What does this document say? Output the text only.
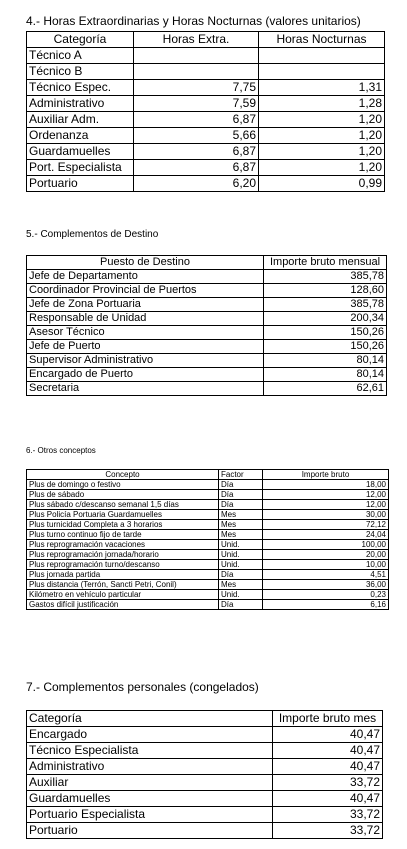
4.- Horas Extraordinarias y Horas Nocturnas (valores unitarios)
Categoría	Horas Extra.	Horas Nocturnas
Técnico A		
Técnico B		
Técnico Espec.	7,75	1,31
Administrativo	7,59	1,28
Auxiliar Adm.	6,87	1,20
Ordenanza	5,66	1,20
Guardamuelles	6,87	1,20
Port. Especialista	6,87	1,20
Portuario	6,20	0,99
5.- Complementos de Destino
Puesto de Destino	Importe bruto mensual
Jefe de Departamento	385,78
Coordinador Provincial de Puertos	128,60
Jefe de Zona Portuaria	385,78
Responsable de Unidad	200,34
Asesor Técnico	150,26
Jefe de Puerto	150,26
Supervisor Administrativo	80,14
Encargado de Puerto	80,14
Secretaria	62,61
6.- Otros conceptos
Concepto	Factor	Importe bruto
Plus de domingo o festivo	Día	18,00
Plus de sábado	Día	12,00
Plus sábado c/descanso semanal 1,5 días	Día	12,00
Plus Policía Portuaria Guardamuelles	Mes	30,00
Plus turnicidad Completa a 3 horarios	Mes	72,12
Plus turno continuo fijo de tarde	Mes	24,04
Plus reprogramación vacaciones	Unid.	100,00
Plus reprogramación jornada/horario	Unid.	20,00
Plus reprogramación turno/descanso	Unid.	10,00
Plus jornada partida	Día	4,51
Plus distancia (Terrón, Sancti Petri, Conil)	Mes	36,00
Kilómetro en vehículo particular	Unid.	0,23
Gastos difícil justificación	Día	6,16
7.- Complementos personales (congelados)
Categoría	Importe bruto mes
Encargado	40,47
Técnico Especialista	40,47
Administrativo	40,47
Auxiliar	33,72
Guardamuelles	40,47
Portuario Especialista	33,72
Portuario	33,72
